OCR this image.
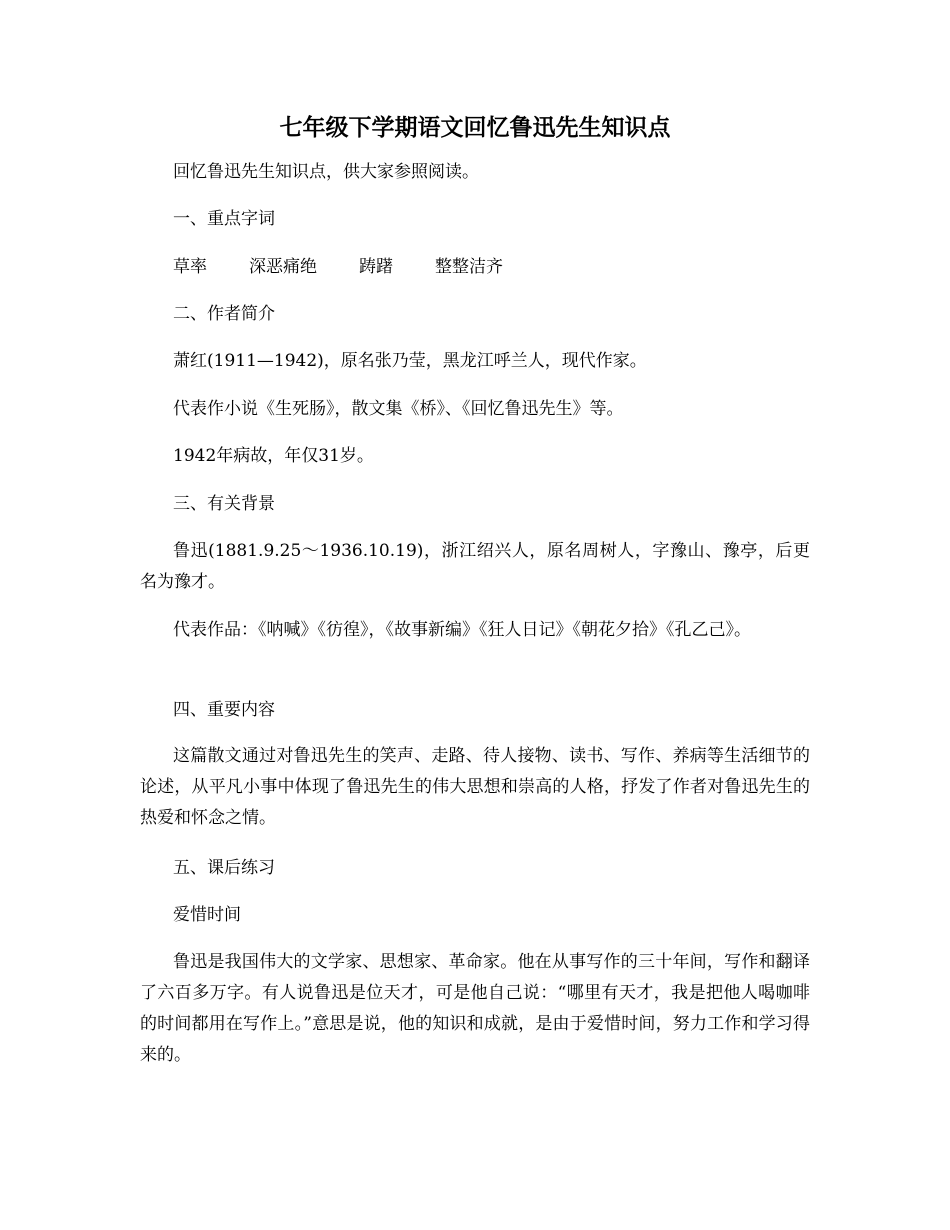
七年级下学期语文回忆鲁迅先生知识点
回忆鲁迅先生知识点，供大家参照阅读。
一、重点字词
草率 深恶痛绝 踌躇 整整洁齐
二、作者简介
萧红(1911—1942)，原名张乃莹，黑龙江呼兰人，现代作家。
代表作小说《生死肠》，散文集《桥》、《回忆鲁迅先生》等。
1942年病故，年仅31岁。
三、有关背景
鲁迅(1881.9.25～1936.10.19)，浙江绍兴人，原名周树人，字豫山、豫亭，后更名为豫才。
代表作品：《呐喊》《彷徨》，《故事新编》《狂人日记》《朝花夕拾》《孔乙己》。
四、重要内容
这篇散文通过对鲁迅先生的笑声、走路、待人接物、读书、写作、养病等生活细节的论述，从平凡小事中体现了鲁迅先生的伟大思想和崇高的人格，抒发了作者对鲁迅先生的热爱和怀念之情。
五、课后练习
爱惜时间
鲁迅是我国伟大的文学家、思想家、革命家。他在从事写作的三十年间，写作和翻译了六百多万字。有人说鲁迅是位天才，可是他自己说：“哪里有天才，我是把他人喝咖啡的时间都用在写作上。”意思是说，他的知识和成就，是由于爱惜时间，努力工作和学习得来的。
